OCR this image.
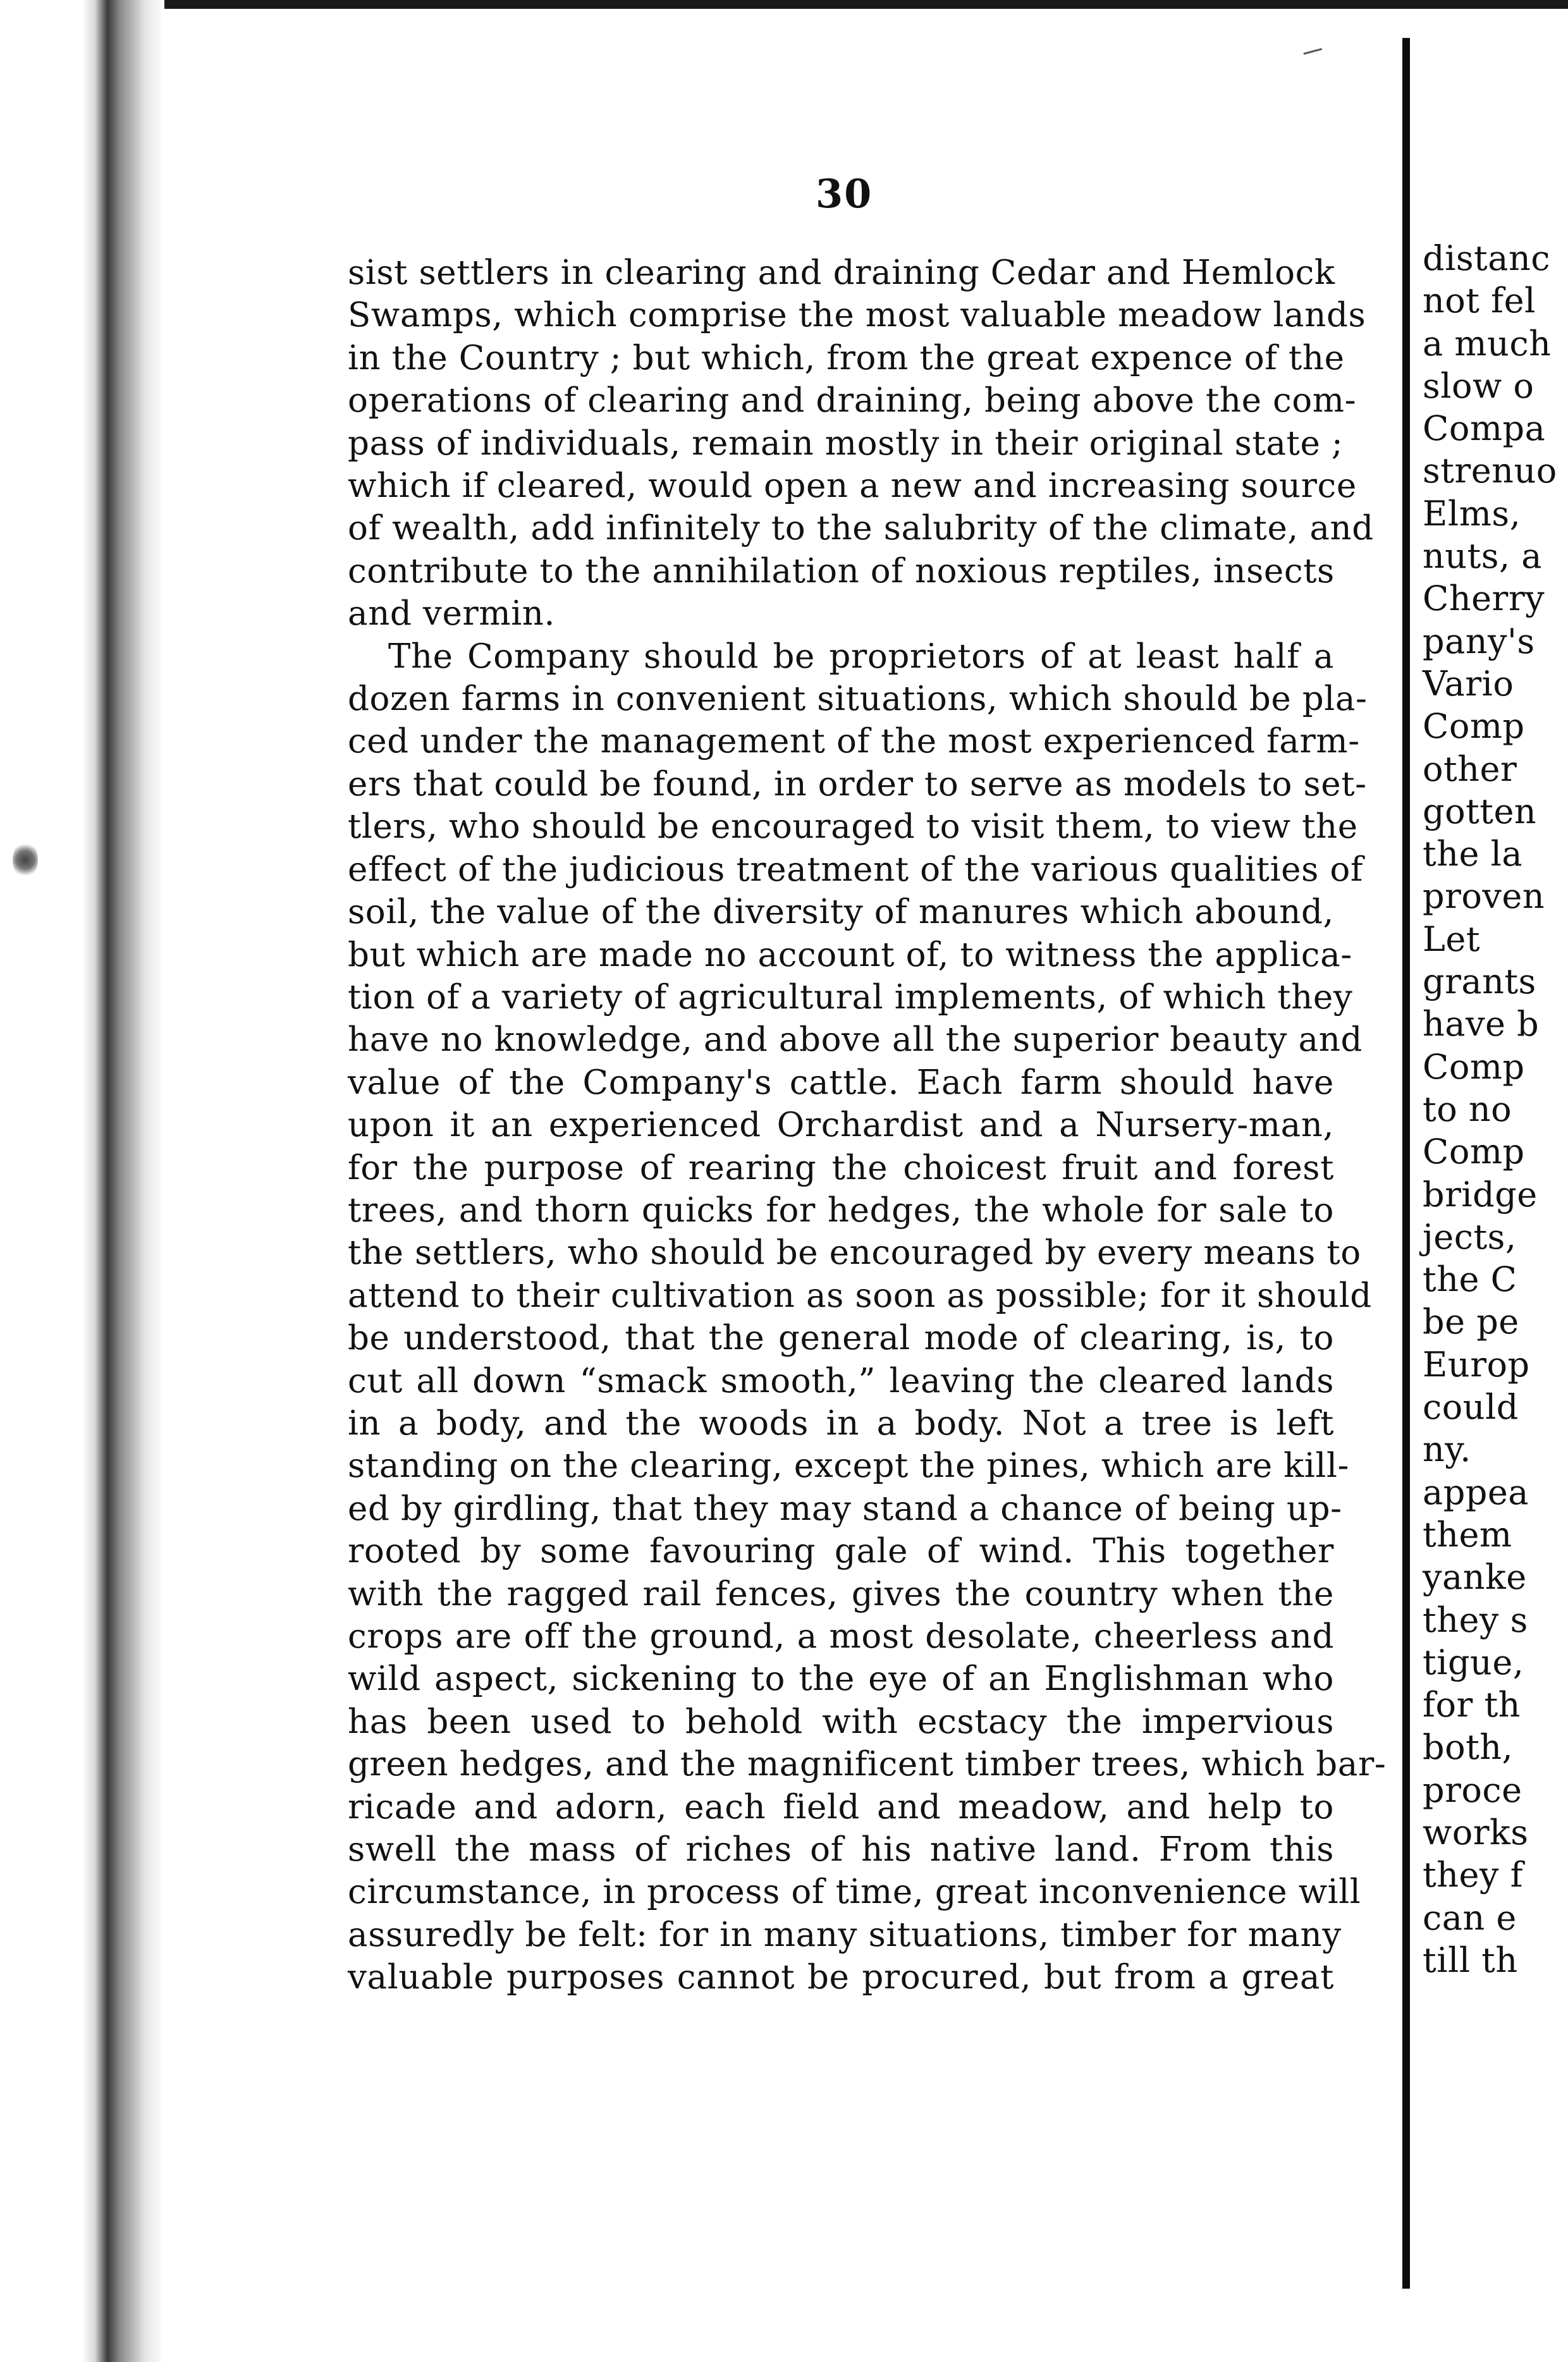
30
sist settlers in clearing and draining Cedar and Hemlock
Swamps, which comprise the most valuable meadow lands
in the Country ; but which, from the great expence of the
operations of clearing and draining, being above the com-
pass of individuals, remain mostly in their original state ;
which if cleared, would open a new and increasing source
of wealth, add infinitely to the salubrity of the climate, and
contribute to the annihilation of noxious reptiles, insects
and vermin.
The Company should be proprietors of at least half a
dozen farms in convenient situations, which should be pla-
ced under the management of the most experienced farm-
ers that could be found, in order to serve as models to set-
tlers, who should be encouraged to visit them, to view the
effect of the judicious treatment of the various qualities of
soil, the value of the diversity of manures which abound,
but which are made no account of, to witness the applica-
tion of a variety of agricultural implements, of which they
have no knowledge, and above all the superior beauty and
value of the Company's cattle. Each farm should have
upon it an experienced Orchardist and a Nursery-man,
for the purpose of rearing the choicest fruit and forest
trees, and thorn quicks for hedges, the whole for sale to
the settlers, who should be encouraged by every means to
attend to their cultivation as soon as possible; for it should
be understood, that the general mode of clearing, is, to
cut all down “smack smooth,” leaving the cleared lands
in a body, and the woods in a body. Not a tree is left
standing on the clearing, except the pines, which are kill-
ed by girdling, that they may stand a chance of being up-
rooted by some favouring gale of wind. This together
with the ragged rail fences, gives the country when the
crops are off the ground, a most desolate, cheerless and
wild aspect, sickening to the eye of an Englishman who
has been used to behold with ecstacy the impervious
green hedges, and the magnificent timber trees, which bar-
ricade and adorn, each field and meadow, and help to
swell the mass of riches of his native land. From this
circumstance, in process of time, great inconvenience will
assuredly be felt: for in many situations, timber for many
valuable purposes cannot be procured, but from a great
distanc
not fel
a much
slow o
Compa
strenuo
Elms,
nuts, a
Cherry
pany's
Vario
Comp
other
gotten
the la
proven
Let
grants
have b
Comp
to no
Comp
bridge
jects,
the C
be pe
Europ
could
ny.
appea
them
yanke
they s
tigue,
for th
both,
proce
works
they f
can e
till th
